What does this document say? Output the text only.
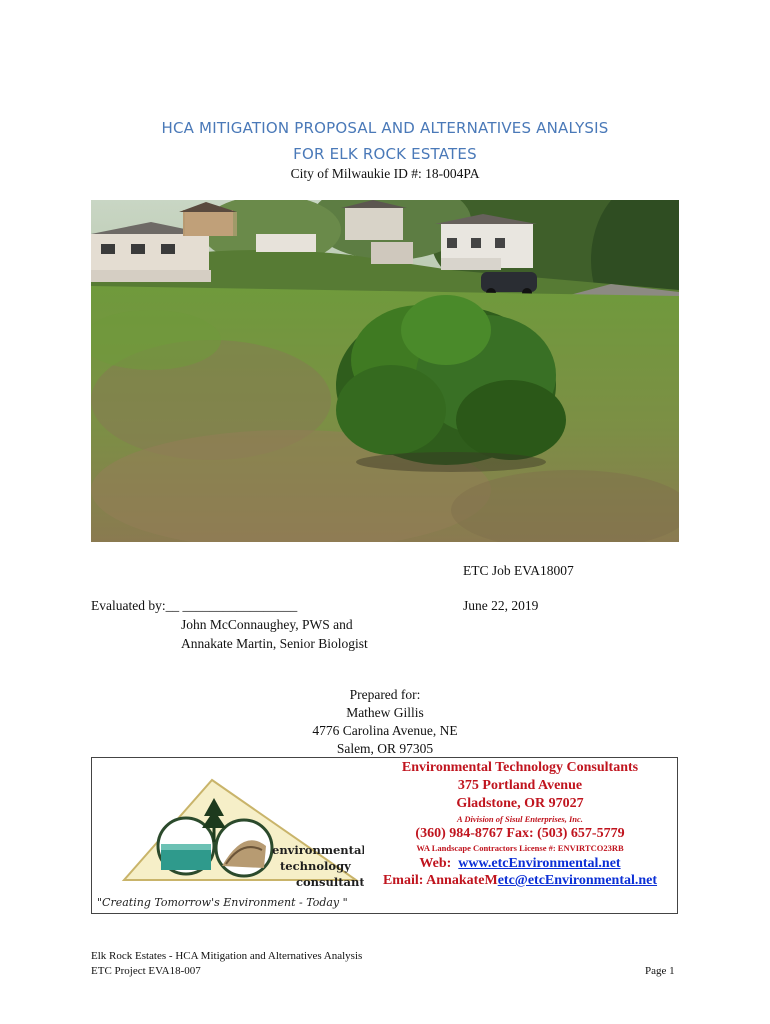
HCA MITIGATION PROPOSAL AND ALTERNATIVES ANALYSIS
FOR ELK ROCK ESTATES
City of Milwaukie ID #: 18-004PA
ETC Job EVA18007
Evaluated by:__ _________________	June 22, 2019
John McConnaughey, PWS and
Annakate Martin, Senior Biologist
Prepared for:
Mathew Gillis
4776 Carolina Avenue, NE
Salem, OR 97305
environmental
technology
consultants
"Creating Tomorrow's Environment - Today "
Environmental Technology Consultants
375 Portland Avenue
Gladstone, OR 97027
A Division of Sisul Enterprises, Inc.
(360) 984-8767 Fax: (503) 657-5779
WA Landscape Contractors License #: ENVIRTCO23RB
Web: www.etcEnvironmental.net
Email: AnnakateMetc@etcEnvironmental.net
Elk Rock Estates - HCA Mitigation and Alternatives Analysis
ETC Project EVA18-007	Page 1
